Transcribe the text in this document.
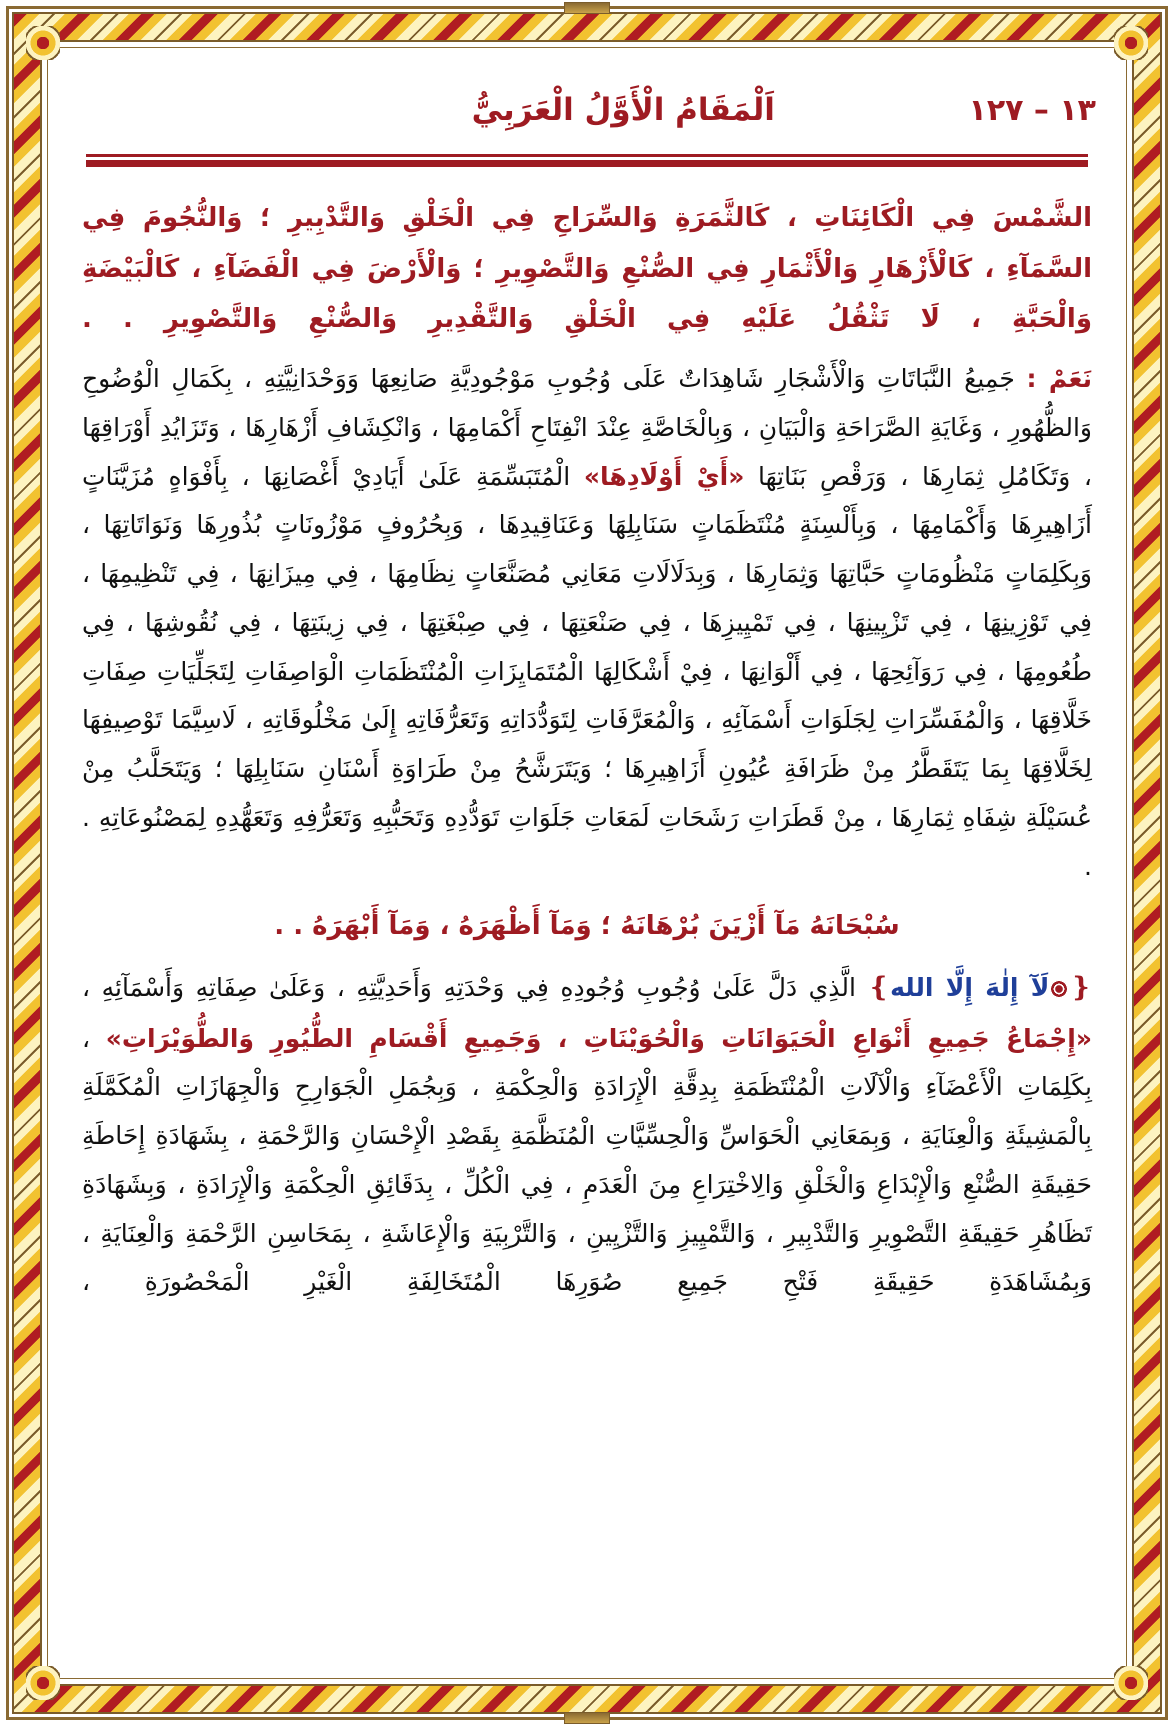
١٣ – ١٢٧
اَلْمَقَامُ الْأَوَّلُ الْعَرَبِيُّ

الشَّمْسَ فِي الْكَائِنَاتِ ، كَالثَّمَرَةِ وَالسِّرَاجِ فِي الْخَلْقِ وَالتَّدْبِيرِ ؛ وَالنُّجُومَ فِي السَّمَآءِ ، كَالْأَزْهَارِ وَالْأَثْمَارِ فِي الصُّنْعِ وَالتَّصْوِيرِ ؛ وَالْأَرْضَ فِي الْفَضَآءِ ، كَالْبَيْضَةِ وَالْحَبَّةِ ، لَا تَثْقُلُ عَلَيْهِ فِي الْخَلْقِ وَالتَّقْدِيرِ وَالصُّنْعِ وَالتَّصْوِيرِ . .

نَعَمْ : جَمِيعُ النَّبَاتَاتِ وَالْأَشْجَارِ شَاهِدَاتٌ عَلَى وُجُوبِ مَوْجُودِيَّةِ صَانِعِهَا وَوَحْدَانِيَّتِهِ ، بِكَمَالِ الْوُضُوحِ وَالظُّهُورِ ، وَغَايَةِ الصَّرَاحَةِ وَالْبَيَانِ ، وَبِالْخَاصَّةِ عِنْدَ انْفِتَاحِ أَكْمَامِهَا ، وَانْكِشَافِ أَزْهَارِهَا ، وَتَزَايُدِ أَوْرَاقِهَا ، وَتَكَامُلِ ثِمَارِهَا ، وَرَقْصِ بَنَاتِهَا «أَيْ أَوْلَادِهَا» الْمُتَبَسِّمَةِ عَلَىٰ أَيَادِيْ أَغْصَانِهَا ، بِأَفْوَاهٍ مُزَيَّنَاتٍ أَزَاهِيرِهَا وَأَكْمَامِهَا ، وَبِأَلْسِنَةٍ مُنْتَظَمَاتٍ سَنَابِلِهَا وَعَنَاقِيدِهَا ، وَبِحُرُوفٍ مَوْزُونَاتٍ بُذُورِهَا وَنَوَاتَاتِهَا ، وَبِكَلِمَاتٍ مَنْظُومَاتٍ حَبَّاتِهَا وَثِمَارِهَا ، وَبِدَلَالَاتِ مَعَانِي مُصَنَّعَاتٍ نِظَامِهَا ، فِي مِيزَانِهَا ، فِي تَنْظِيمِهَا ، فِي تَوْزِينِهَا ، فِي تَزْيِينِهَا ، فِي تَمْيِيزِهَا ، فِي صَنْعَتِهَا ، فِي صِبْغَتِهَا ، فِي زِينَتِهَا ، فِي نُقُوشِهَا ، فِي طُعُومِهَا ، فِي رَوَآئِحِهَا ، فِي أَلْوَانِهَا ، فِيْ أَشْكَالِهَا الْمُتَمَايِزَاتِ الْمُنْتَظَمَاتِ الْوَاصِفَاتِ لِتَجَلِّيَاتِ صِفَاتِ خَلَّاقِهَا ، وَالْمُفَسِّرَاتِ لِجَلَوَاتِ أَسْمَآئِهِ ، وَالْمُعَرَّفَاتِ لِتَوَدُّدَاتِهِ وَتَعَرُّفَاتِهِ إِلَىٰ مَخْلُوقَاتِهِ ، لَاسِيَّمَا تَوْصِيفِهَا لِخَلَّاقِهَا بِمَا يَتَقَطَّرُ مِنْ ظَرَافَةِ عُيُونِ أَزَاهِيرِهَا ؛ وَيَتَرَشَّحُ مِنْ طَرَاوَةِ أَسْنَانِ سَنَابِلِهَا ؛ وَيَتَحَلَّبُ مِنْ عُسَيْلَةِ شِفَاهِ ثِمَارِهَا ، مِنْ قَطَرَاتِ رَشَحَاتِ لَمَعَاتِ جَلَوَاتِ تَوَدُّدِهِ وَتَحَبُّبِهِ وَتَعَرُّفِهِ وَتَعَهُّدِهِ لِمَصْنُوعَاتِهِ . .

سُبْحَانَهُ مَآ أَزْيَنَ بُرْهَانَهُ ؛ وَمَآ أَظْهَرَهُ ، وَمَآ أَبْهَرَهُ . .

❴لَآ إِلٰهَ إِلَّا الله❵ الَّذِي دَلَّ عَلَىٰ وُجُوبِ وُجُودِهِ فِي وَحْدَتِهِ وَأَحَدِيَّتِهِ ، وَعَلَىٰ صِفَاتِهِ وَأَسْمَآئِهِ ، «إِجْمَاعُ جَمِيعِ أَنْوَاعِ الْحَيَوَانَاتِ وَالْحُوَيْنَاتِ ، وَجَمِيعِ أَقْسَامِ الطُّيُورِ وَالطُّوَيْرَاتِ» ، بِكَلِمَاتِ الْأَعْضَآءِ وَالْآلَاتِ الْمُنْتَظَمَةِ بِدِقَّةِ الْإِرَادَةِ وَالْحِكْمَةِ ، وَبِجُمَلِ الْجَوَارِحِ وَالْجِهَازَاتِ الْمُكَمَّلَةِ بِالْمَشِيئَةِ وَالْعِنَايَةِ ، وَبِمَعَانِي الْحَوَاسِّ وَالْحِسِّيَّاتِ الْمُنَظَّمَةِ بِقَصْدِ الْإِحْسَانِ وَالرَّحْمَةِ ، بِشَهَادَةِ إِحَاطَةِ حَقِيقَةِ الصُّنْعِ وَالْإِبْدَاعِ وَالْخَلْقِ وَالِاخْتِرَاعِ مِنَ الْعَدَمِ ، فِي الْكُلِّ ، بِدَقَائِقِ الْحِكْمَةِ وَالْإِرَادَةِ ، وَبِشَهَادَةِ تَظَاهُرِ حَقِيقَةِ التَّصْوِيرِ وَالتَّدْبِيرِ ، وَالتَّمْيِيزِ وَالتَّزْيِينِ ، وَالتَّرْبِيَةِ وَالْإِعَاشَةِ ، بِمَحَاسِنِ الرَّحْمَةِ وَالْعِنَايَةِ ، وَبِمُشَاهَدَةِ حَقِيقَةِ فَتْحِ جَمِيعِ صُوَرِهَا الْمُتَخَالِفَةِ الْغَيْرِ الْمَحْصُورَةِ ،
